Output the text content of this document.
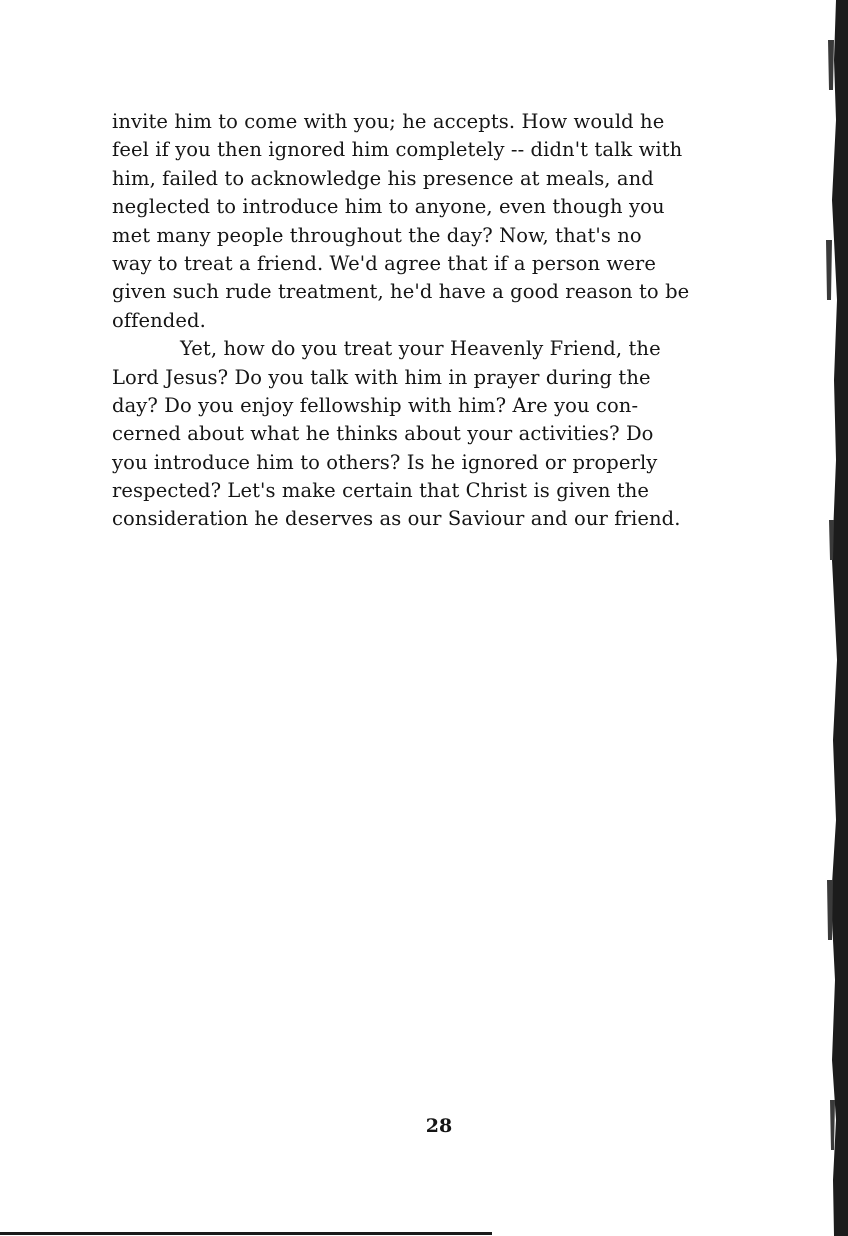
invite him to come with you; he accepts. How would he
feel if you then ignored him completely -- didn't talk with
him, failed to acknowledge his presence at meals, and
neglected to introduce him to anyone, even though you
met many people throughout the day? Now, that's no
way to treat a friend. We'd agree that if a person were
given such rude treatment, he'd have a good reason to be
offended.
Yet, how do you treat your Heavenly Friend, the
Lord Jesus? Do you talk with him in prayer during the
day? Do you enjoy fellowship with him? Are you con-
cerned about what he thinks about your activities? Do
you introduce him to others? Is he ignored or properly
respected? Let's make certain that Christ is given the
consideration he deserves as our Saviour and our friend.
28
